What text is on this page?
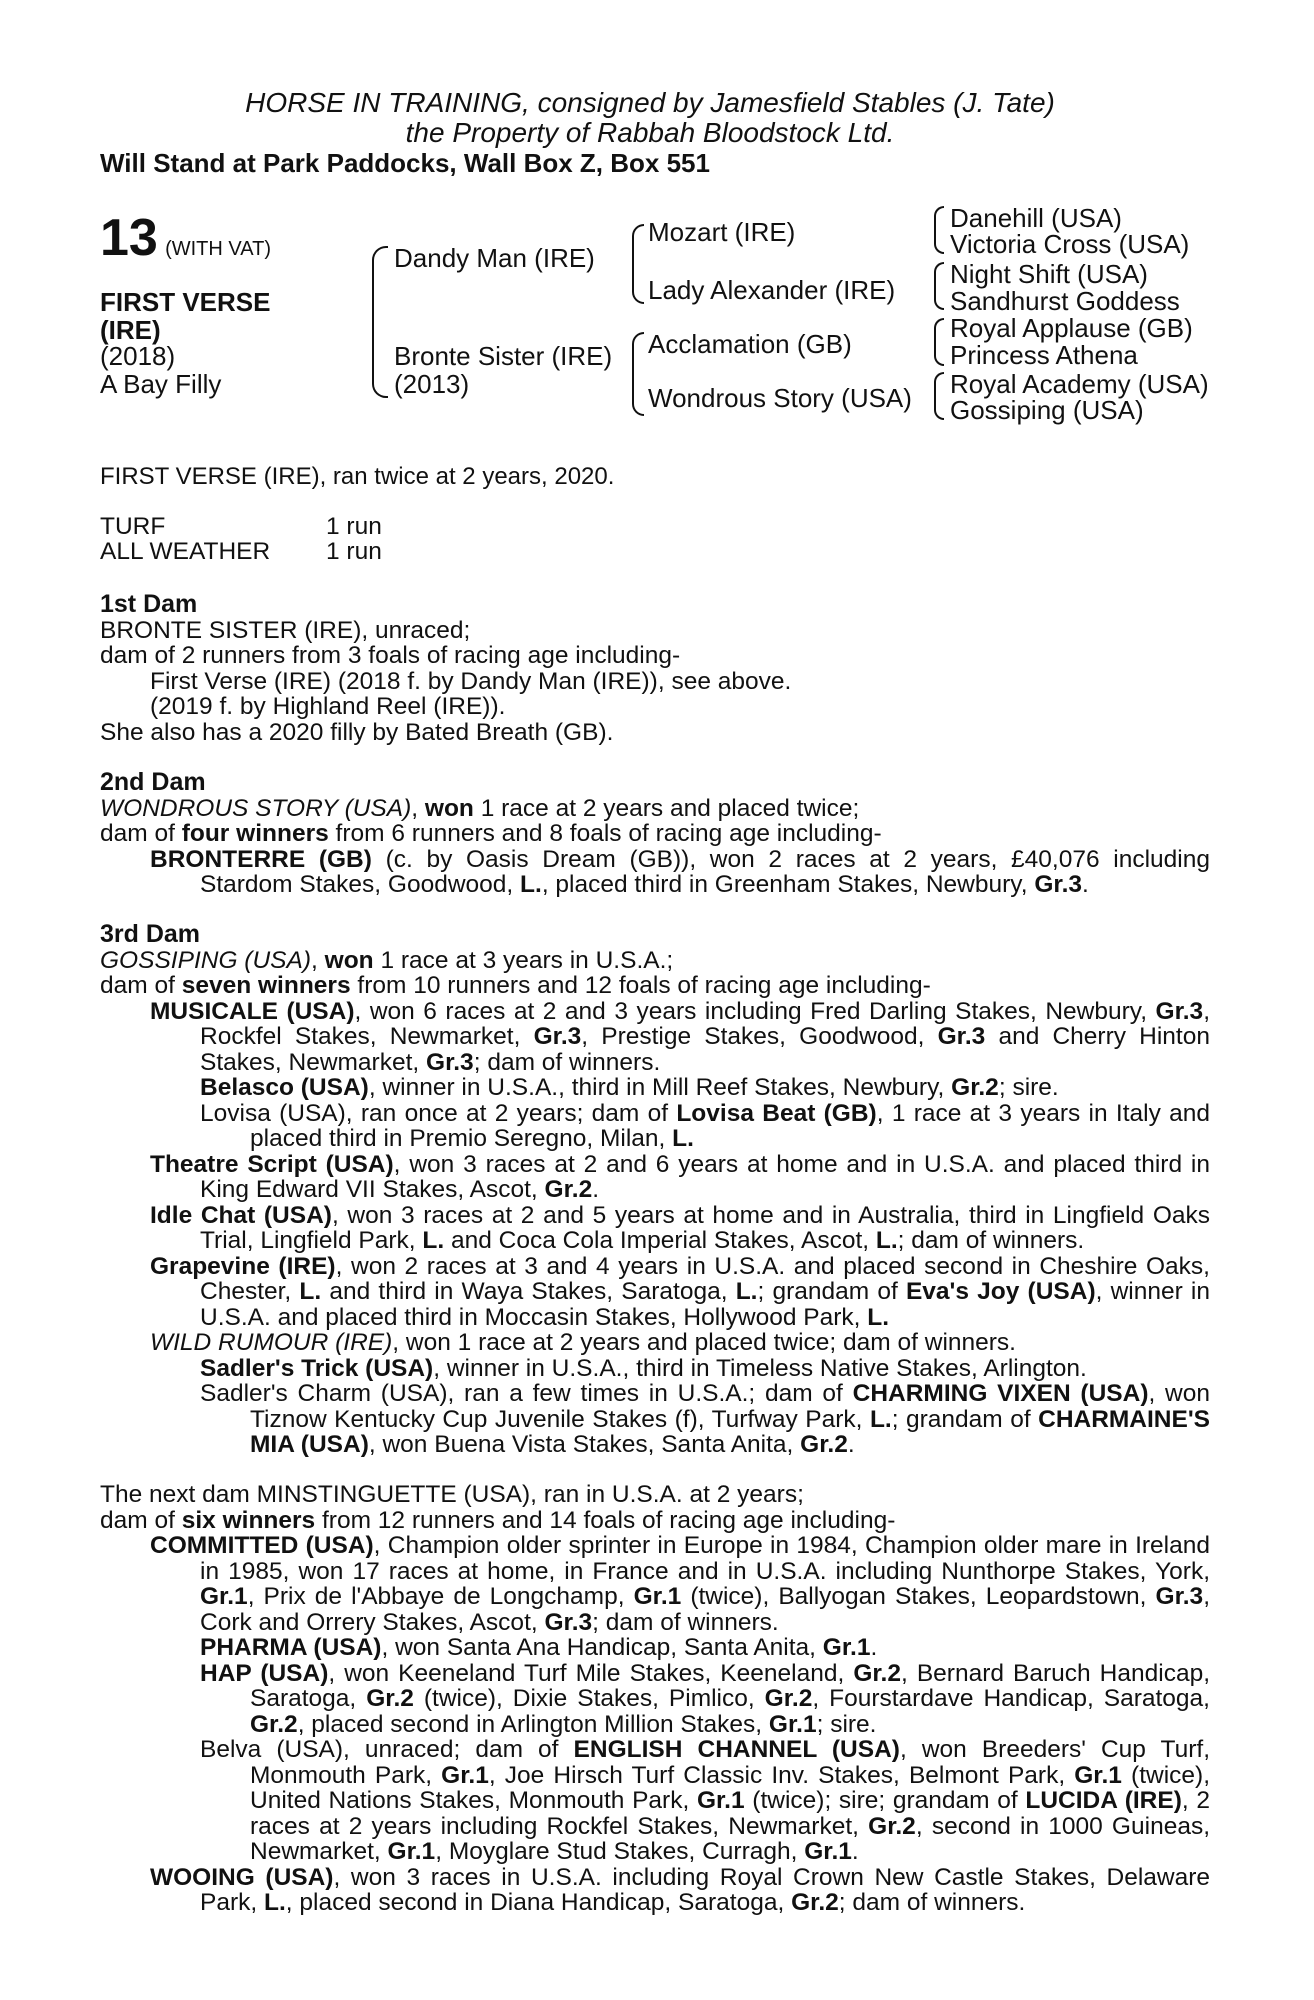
HORSE IN TRAINING, consigned by Jamesfield Stables (J. Tate)
the Property of Rabbah Bloodstock Ltd.
Will Stand at Park Paddocks, Wall Box Z, Box 551
13 (WITH VAT)
FIRST VERSE
(IRE)
(2018)
A Bay Filly
Dandy Man (IRE)
Bronte Sister (IRE)
(2013)
Mozart (IRE)
Lady Alexander (IRE)
Acclamation (GB)
Wondrous Story (USA)
Danehill (USA)
Victoria Cross (USA)
Night Shift (USA)
Sandhurst Goddess
Royal Applause (GB)
Princess Athena
Royal Academy (USA)
Gossiping (USA)
FIRST VERSE (IRE), ran twice at 2 years, 2020.
TURF	1 run
ALL WEATHER	1 run

1st Dam

BRONTE SISTER (IRE), unraced;

dam of 2 runners from 3 foals of racing age including-

First Verse (IRE) (2018 f. by Dandy Man (IRE)), see above.

(2019 f. by Highland Reel (IRE)).

She also has a 2020 filly by Bated Breath (GB).

2nd Dam

WONDROUS STORY (USA), won 1 race at 2 years and placed twice;

dam of four winners from 6 runners and 8 foals of racing age including-

BRONTERRE (GB) (c. by Oasis Dream (GB)), won 2 races at 2 years, £40,076 including Stardom Stakes, Goodwood, L., placed third in Greenham Stakes, Newbury, Gr.3.

3rd Dam

GOSSIPING (USA), won 1 race at 3 years in U.S.A.;

dam of seven winners from 10 runners and 12 foals of racing age including-

MUSICALE (USA), won 6 races at 2 and 3 years including Fred Darling Stakes, Newbury, Gr.3, Rockfel Stakes, Newmarket, Gr.3, Prestige Stakes, Goodwood, Gr.3 and Cherry Hinton Stakes, Newmarket, Gr.3; dam of winners.

Belasco (USA), winner in U.S.A., third in Mill Reef Stakes, Newbury, Gr.2; sire.

Lovisa (USA), ran once at 2 years; dam of Lovisa Beat (GB), 1 race at 3 years in Italy and placed third in Premio Seregno, Milan, L.

Theatre Script (USA), won 3 races at 2 and 6 years at home and in U.S.A. and placed third in King Edward VII Stakes, Ascot, Gr.2.

Idle Chat (USA), won 3 races at 2 and 5 years at home and in Australia, third in Lingfield Oaks Trial, Lingfield Park, L. and Coca Cola Imperial Stakes, Ascot, L.; dam of winners.

Grapevine (IRE), won 2 races at 3 and 4 years in U.S.A. and placed second in Cheshire Oaks, Chester, L. and third in Waya Stakes, Saratoga, L.; grandam of Eva's Joy (USA), winner in U.S.A. and placed third in Moccasin Stakes, Hollywood Park, L.

WILD RUMOUR (IRE), won 1 race at 2 years and placed twice; dam of winners.

Sadler's Trick (USA), winner in U.S.A., third in Timeless Native Stakes, Arlington.

Sadler's Charm (USA), ran a few times in U.S.A.; dam of CHARMING VIXEN (USA), won Tiznow Kentucky Cup Juvenile Stakes (f), Turfway Park, L.; grandam of CHARMAINE'S MIA (USA), won Buena Vista Stakes, Santa Anita, Gr.2.

The next dam MINSTINGUETTE (USA), ran in U.S.A. at 2 years;

dam of six winners from 12 runners and 14 foals of racing age including-

COMMITTED (USA), Champion older sprinter in Europe in 1984, Champion older mare in Ireland in 1985, won 17 races at home, in France and in U.S.A. including Nunthorpe Stakes, York, Gr.1, Prix de l'Abbaye de Longchamp, Gr.1 (twice), Ballyogan Stakes, Leopardstown, Gr.3, Cork and Orrery Stakes, Ascot, Gr.3; dam of winners.

PHARMA (USA), won Santa Ana Handicap, Santa Anita, Gr.1.

HAP (USA), won Keeneland Turf Mile Stakes, Keeneland, Gr.2, Bernard Baruch Handicap, Saratoga, Gr.2 (twice), Dixie Stakes, Pimlico, Gr.2, Fourstardave Handicap, Saratoga, Gr.2, placed second in Arlington Million Stakes, Gr.1; sire.

Belva (USA), unraced; dam of ENGLISH CHANNEL (USA), won Breeders' Cup Turf, Monmouth Park, Gr.1, Joe Hirsch Turf Classic Inv. Stakes, Belmont Park, Gr.1 (twice), United Nations Stakes, Monmouth Park, Gr.1 (twice); sire; grandam of LUCIDA (IRE), 2 races at 2 years including Rockfel Stakes, Newmarket, Gr.2, second in 1000 Guineas, Newmarket, Gr.1, Moyglare Stud Stakes, Curragh, Gr.1.

WOOING (USA), won 3 races in U.S.A. including Royal Crown New Castle Stakes, Delaware Park, L., placed second in Diana Handicap, Saratoga, Gr.2; dam of winners.
